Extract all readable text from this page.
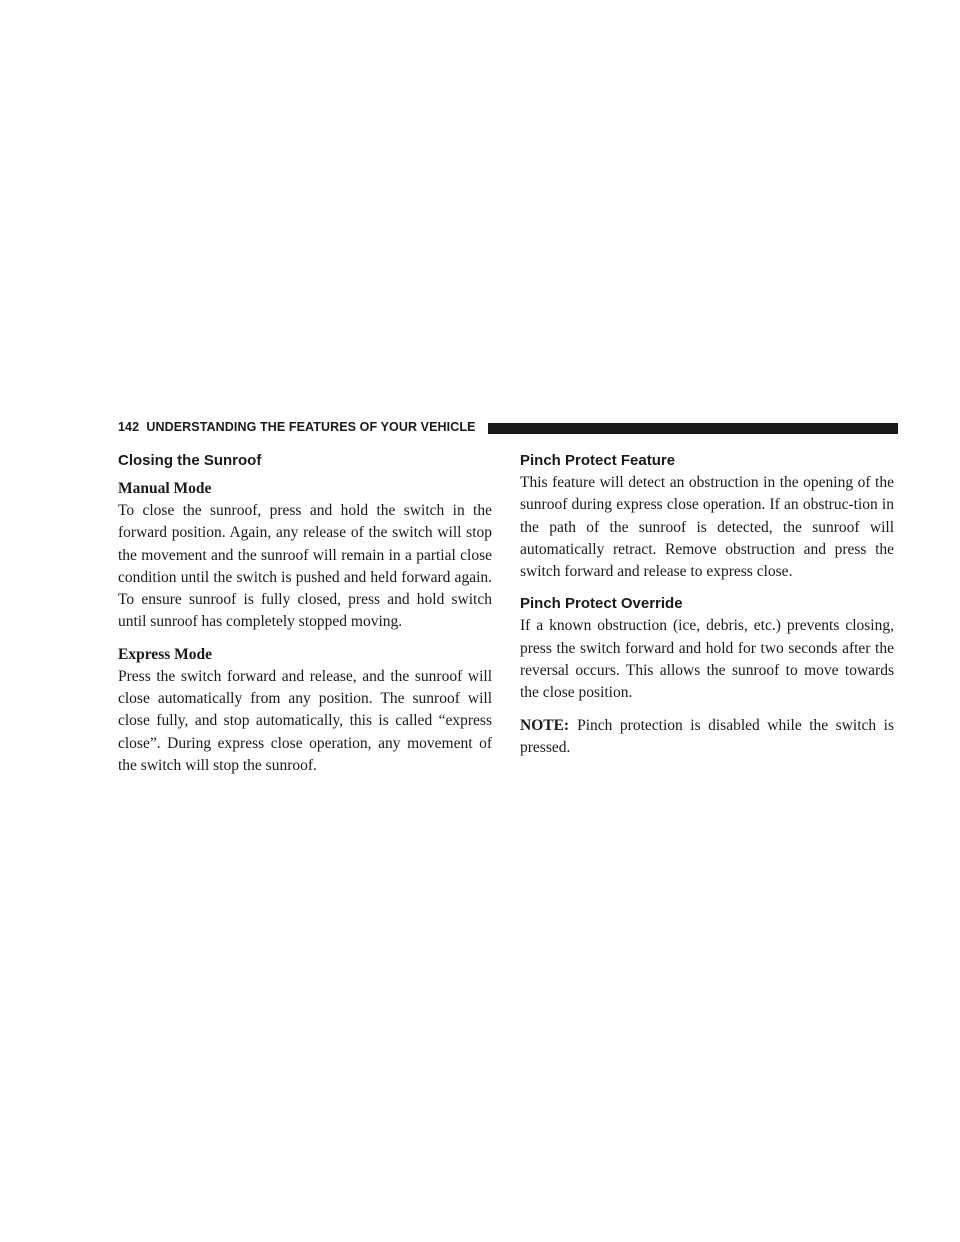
142 UNDERSTANDING THE FEATURES OF YOUR VEHICLE
Closing the Sunroof
Manual Mode

To close the sunroof, press and hold the switch in the forward position. Again, any release of the switch will stop the movement and the sunroof will remain in a partial close condition until the switch is pushed and held forward again. To ensure sunroof is fully closed, press and hold switch until sunroof has completely stopped moving.

Express Mode

Press the switch forward and release, and the sunroof will close automatically from any position. The sunroof will close fully, and stop automatically, this is called “express close”. During express close operation, any movement of the switch will stop the sunroof.

Pinch Protect Feature

This feature will detect an obstruction in the opening of the sunroof during express close operation. If an obstruc-tion in the path of the sunroof is detected, the sunroof will automatically retract. Remove obstruction and press the switch forward and release to express close.

Pinch Protect Override

If a known obstruction (ice, debris, etc.) prevents closing, press the switch forward and hold for two seconds after the reversal occurs. This allows the sunroof to move towards the close position.

NOTE: Pinch protection is disabled while the switch is pressed.
